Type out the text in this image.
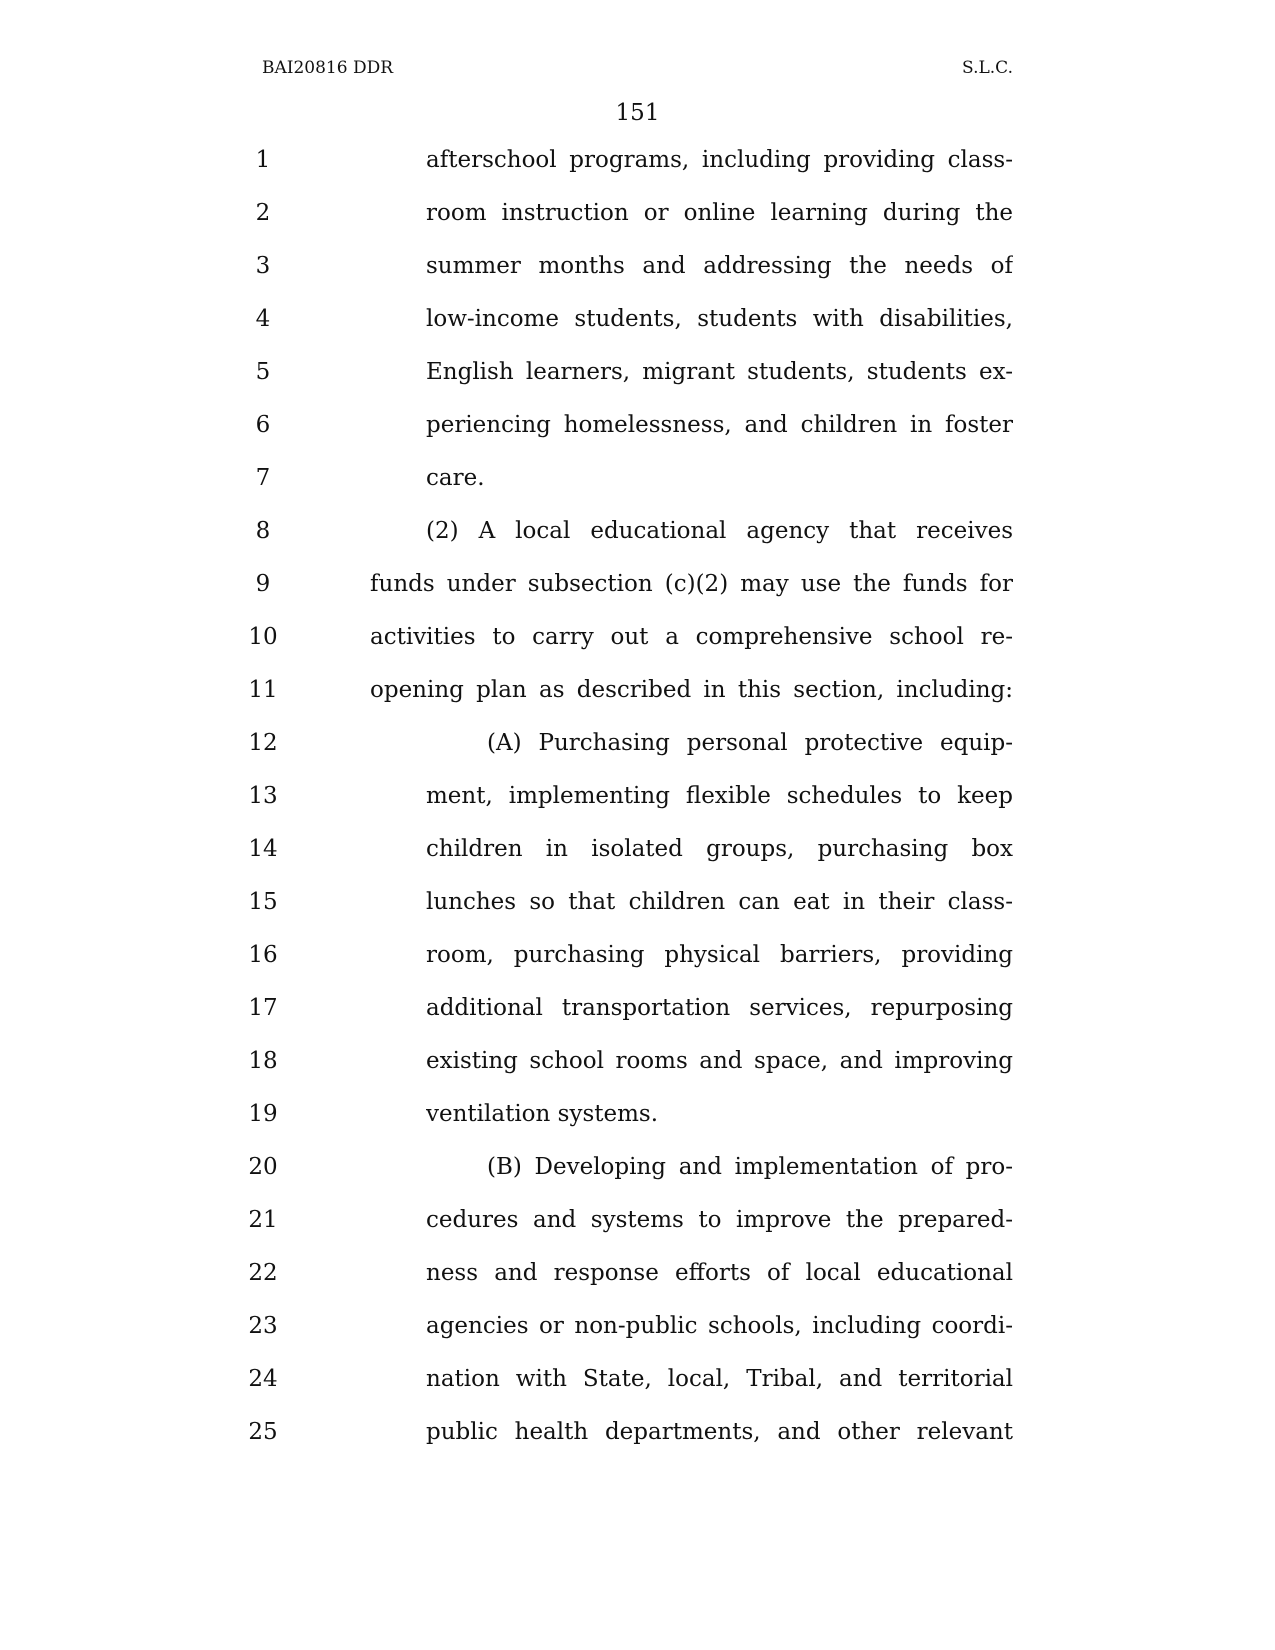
BAI20816 DDR	S.L.C.
151
1	afterschool programs, including providing class-
2	room instruction or online learning during the
3	summer months and addressing the needs of
4	low-income students, students with disabilities,
5	English learners, migrant students, students ex-
6	periencing homelessness, and children in foster
7	care.
8	(2) A local educational agency that receives
9	funds under subsection (c)(2) may use the funds for
10	activities to carry out a comprehensive school re-
11	opening plan as described in this section, including:
12	(A) Purchasing personal protective equip-
13	ment, implementing flexible schedules to keep
14	children in isolated groups, purchasing box
15	lunches so that children can eat in their class-
16	room, purchasing physical barriers, providing
17	additional transportation services, repurposing
18	existing school rooms and space, and improving
19	ventilation systems.
20	(B) Developing and implementation of pro-
21	cedures and systems to improve the prepared-
22	ness and response efforts of local educational
23	agencies or non-public schools, including coordi-
24	nation with State, local, Tribal, and territorial
25	public health departments, and other relevant
